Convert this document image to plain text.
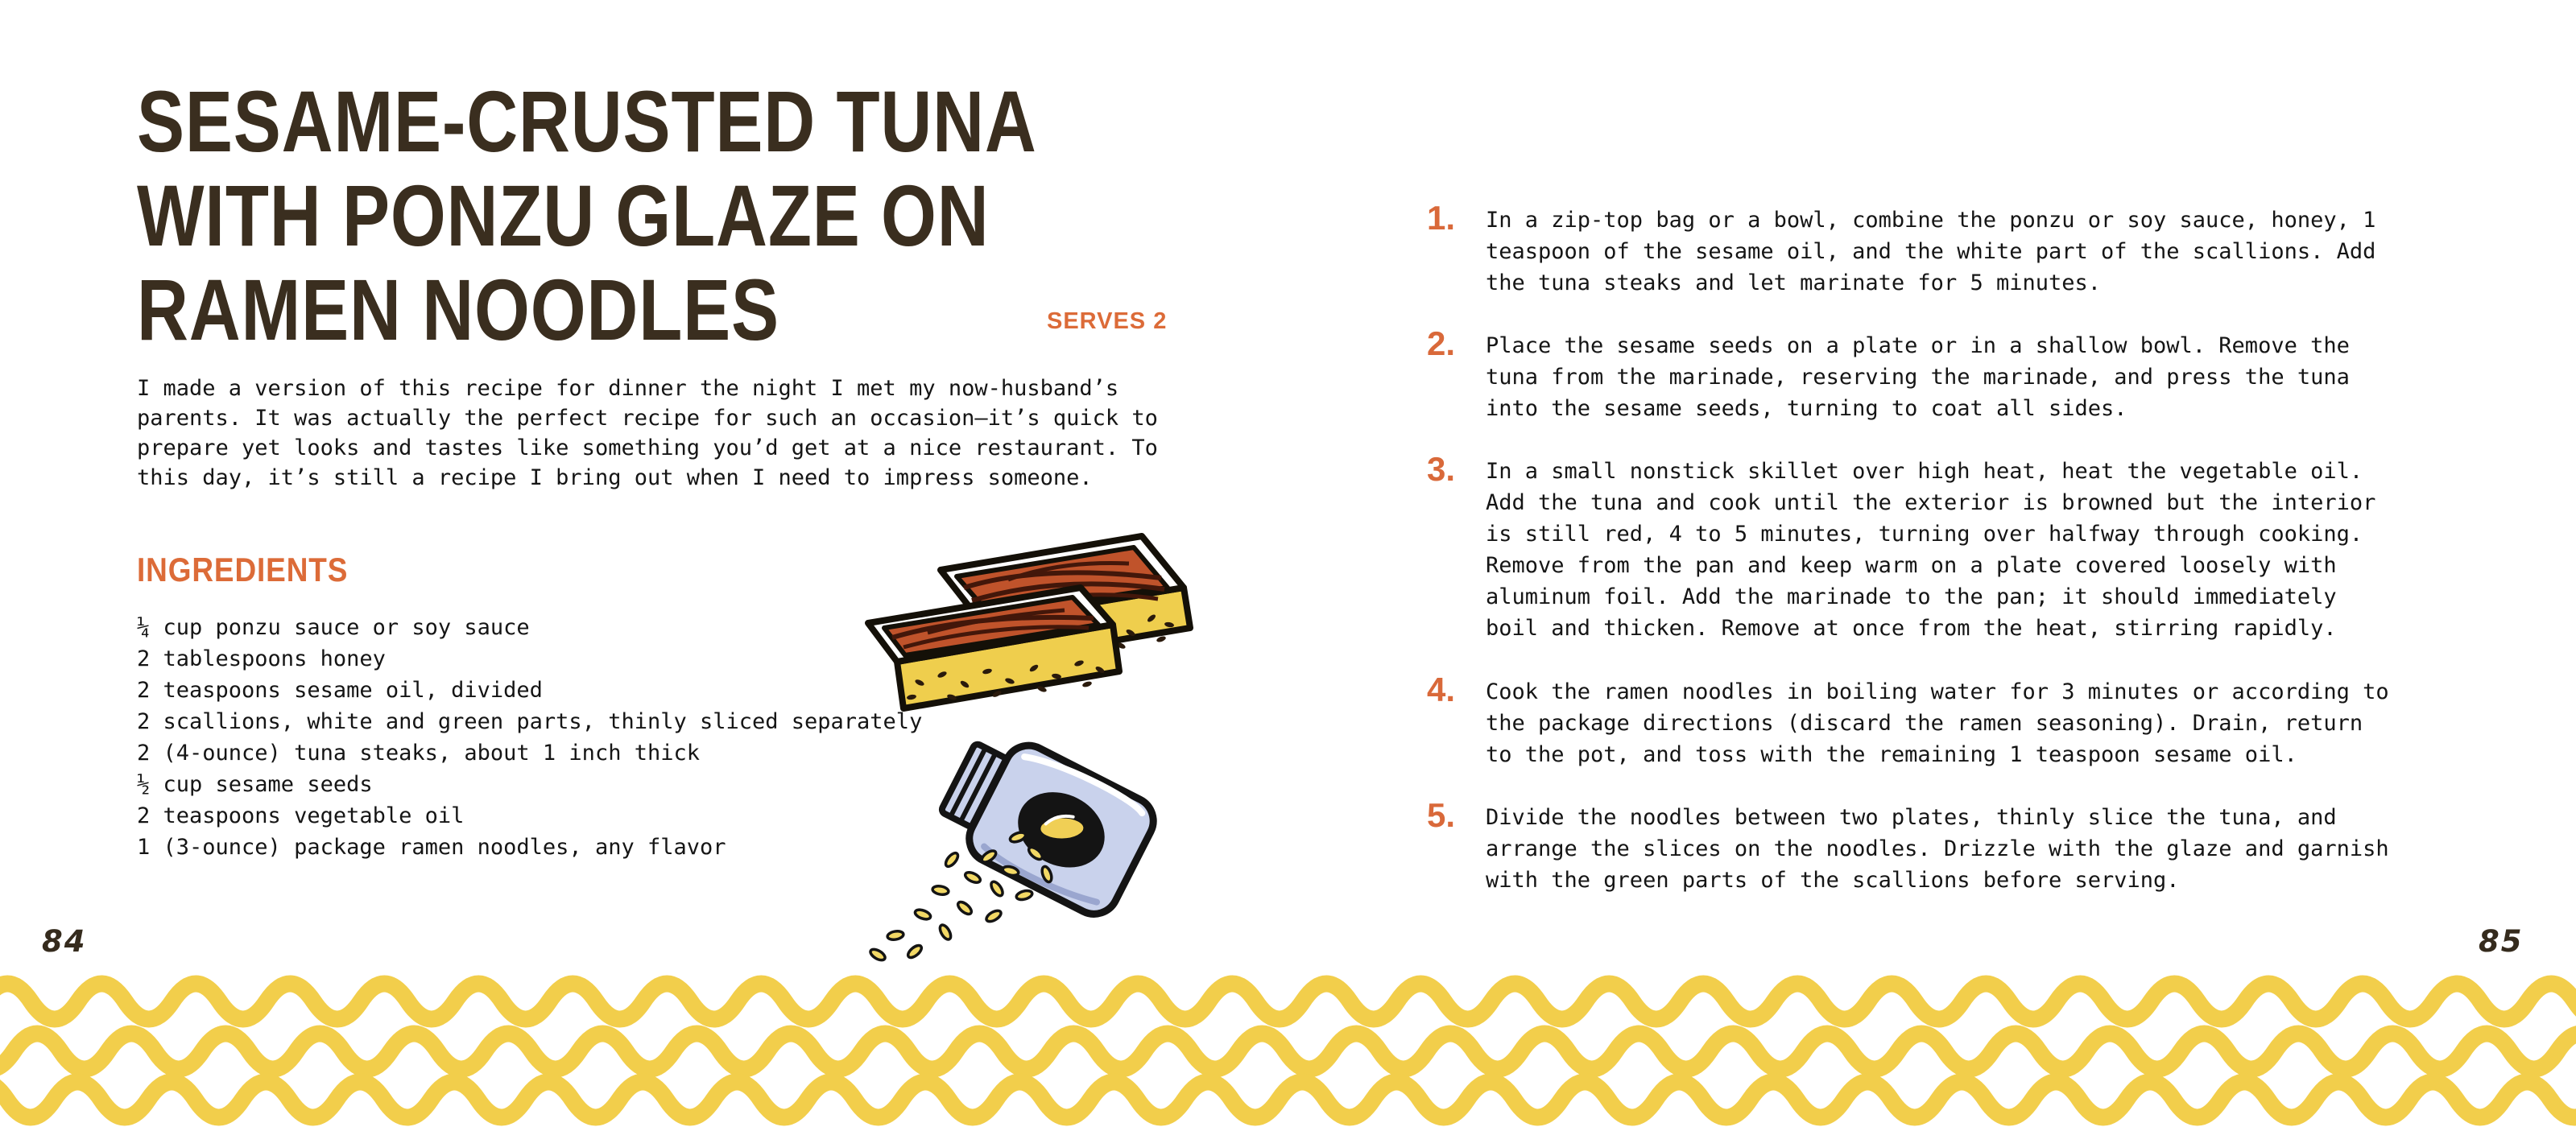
SESAME-CRUSTED TUNA
WITH PONZU GLAZE ON
RAMEN NOODLES	SERVES 2
I made a version of this recipe for dinner the night I met my now-husband’s parents. It was actually the perfect recipe for such an occasion—it’s quick to prepare yet looks and tastes like something you’d get at a nice restaurant. To this day, it’s still a recipe I bring out when I need to impress someone.
INGREDIENTS
¼ cup ponzu sauce or soy sauce
2 tablespoons honey
2 teaspoons sesame oil, divided
2 scallions, white and green parts, thinly sliced separately
2 (4-ounce) tuna steaks, about 1 inch thick
½ cup sesame seeds
2 teaspoons vegetable oil
1 (3-ounce) package ramen noodles, any flavor
84
1.	In a zip-top bag or a bowl, combine the ponzu or soy sauce, honey, 1 teaspoon of the sesame oil, and the white part of the scallions. Add the tuna steaks and let marinate for 5 minutes.
2.	Place the sesame seeds on a plate or in a shallow bowl. Remove the tuna from the marinade, reserving the marinade, and press the tuna into the sesame seeds, turning to coat all sides.
3.	In a small nonstick skillet over high heat, heat the vegetable oil. Add the tuna and cook until the exterior is browned but the interior is still red, 4 to 5 minutes, turning over halfway through cooking. Remove from the pan and keep warm on a plate covered loosely with aluminum foil. Add the marinade to the pan; it should immediately boil and thicken. Remove at once from the heat, stirring rapidly.
4.	Cook the ramen noodles in boiling water for 3 minutes or according to the package directions (discard the ramen seasoning). Drain, return to the pot, and toss with the remaining 1 teaspoon sesame oil.
5.	Divide the noodles between two plates, thinly slice the tuna, and arrange the slices on the noodles. Drizzle with the glaze and garnish with the green parts of the scallions before serving.
85
